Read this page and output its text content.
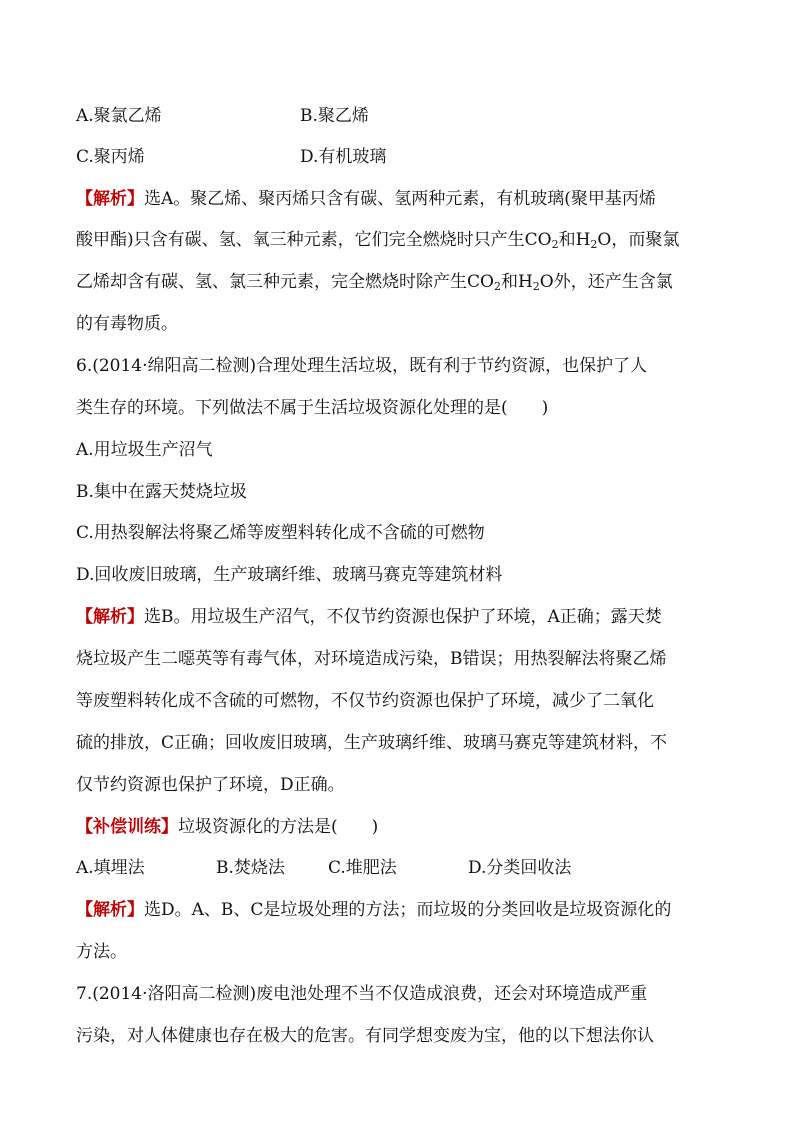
A.聚氯乙烯	B.聚乙烯
C.聚丙烯	D.有机玻璃
【解析】选A。聚乙烯、聚丙烯只含有碳、氢两种元素，有机玻璃(聚甲基丙烯
酸甲酯)只含有碳、氢、氧三种元素，它们完全燃烧时只产生$CO_2$和$H_2O$，而聚氯
乙烯却含有碳、氢、氯三种元素，完全燃烧时除产生$CO_2$和$H_2O$外，还产生含氯
的有毒物质。
6.(2014·绵阳高二检测)合理处理生活垃圾，既有利于节约资源，也保护了人
类生存的环境。下列做法不属于生活垃圾资源化处理的是(　　)
A.用垃圾生产沼气
B.集中在露天焚烧垃圾
C.用热裂解法将聚乙烯等废塑料转化成不含硫的可燃物
D.回收废旧玻璃，生产玻璃纤维、玻璃马赛克等建筑材料
【解析】选B。用垃圾生产沼气，不仅节约资源也保护了环境，A正确；露天焚
烧垃圾产生二噁英等有毒气体，对环境造成污染，B错误；用热裂解法将聚乙烯
等废塑料转化成不含硫的可燃物，不仅节约资源也保护了环境，减少了二氧化
硫的排放，C正确；回收废旧玻璃，生产玻璃纤维、玻璃马赛克等建筑材料，不
仅节约资源也保护了环境，D正确。
【补偿训练】垃圾资源化的方法是(　　)
A.填埋法	B.焚烧法	C.堆肥法	D.分类回收法
【解析】选D。A、B、C是垃圾处理的方法；而垃圾的分类回收是垃圾资源化的
方法。
7.(2014·洛阳高二检测)废电池处理不当不仅造成浪费，还会对环境造成严重
污染，对人体健康也存在极大的危害。有同学想变废为宝，他的以下想法你认
